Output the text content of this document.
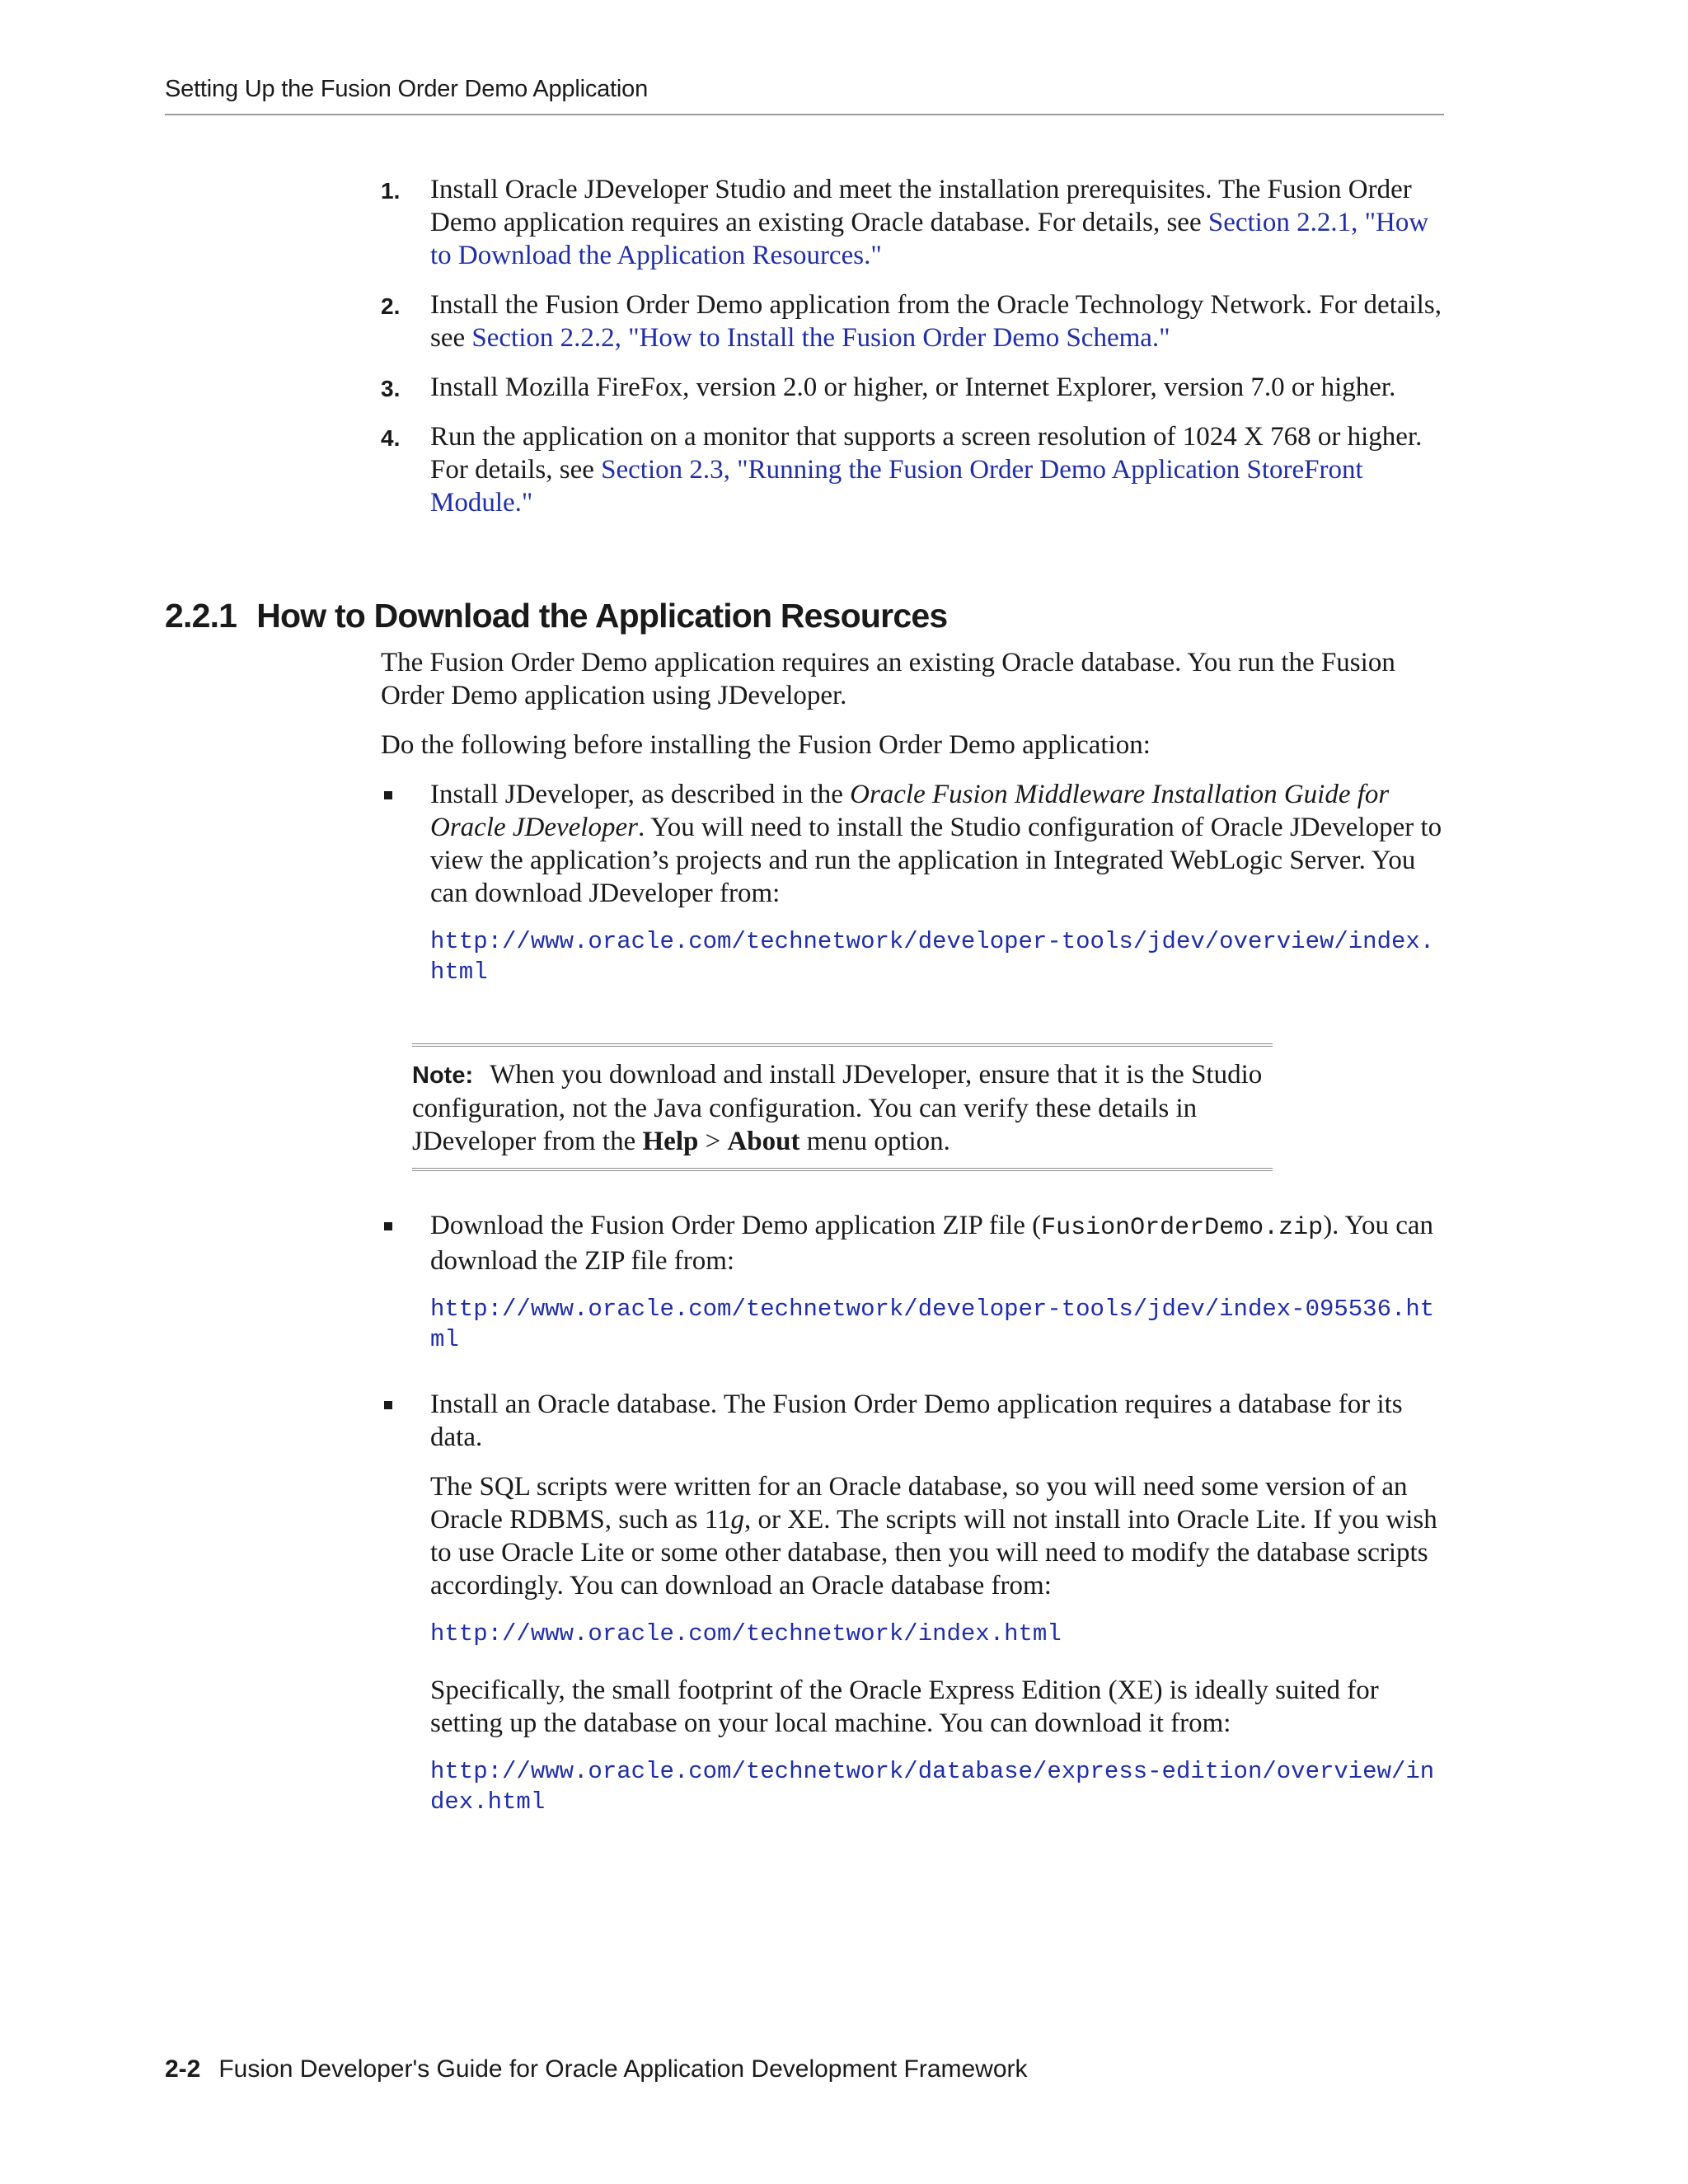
Setting Up the Fusion Order Demo Application
1. Install Oracle JDeveloper Studio and meet the installation prerequisites. The Fusion Order Demo application requires an existing Oracle database. For details, see Section 2.2.1, "How to Download the Application Resources."
2. Install the Fusion Order Demo application from the Oracle Technology Network. For details, see Section 2.2.2, "How to Install the Fusion Order Demo Schema."
3. Install Mozilla FireFox, version 2.0 or higher, or Internet Explorer, version 7.0 or higher.
4. Run the application on a monitor that supports a screen resolution of 1024 X 768 or higher. For details, see Section 2.3, "Running the Fusion Order Demo Application StoreFront Module."
2.2.1 How to Download the Application Resources

The Fusion Order Demo application requires an existing Oracle database. You run the Fusion Order Demo application using JDeveloper.

Do the following before installing the Fusion Order Demo application:

Install JDeveloper, as described in the Oracle Fusion Middleware Installation Guide for Oracle JDeveloper. You will need to install the Studio configuration of Oracle JDeveloper to view the application’s projects and run the application in Integrated WebLogic Server. You can download JDeveloper from:

http://www.oracle.com/technetwork/developer-tools/jdev/overview/index.html
Note: When you download and install JDeveloper, ensure that it is the Studio configuration, not the Java configuration. You can verify these details in JDeveloper from the Help > About menu option.

Download the Fusion Order Demo application ZIP file (FusionOrderDemo.zip). You can download the ZIP file from:

http://www.oracle.com/technetwork/developer-tools/jdev/index-095536.html

Install an Oracle database. The Fusion Order Demo application requires a database for its data.

The SQL scripts were written for an Oracle database, so you will need some version of an Oracle RDBMS, such as 11g, or XE. The scripts will not install into Oracle Lite. If you wish to use Oracle Lite or some other database, then you will need to modify the database scripts accordingly. You can download an Oracle database from:

http://www.oracle.com/technetwork/index.html

Specifically, the small footprint of the Oracle Express Edition (XE) is ideally suited for setting up the database on your local machine. You can download it from:

http://www.oracle.com/technetwork/database/express-edition/overview/index.html
2-2 Fusion Developer's Guide for Oracle Application Development Framework
